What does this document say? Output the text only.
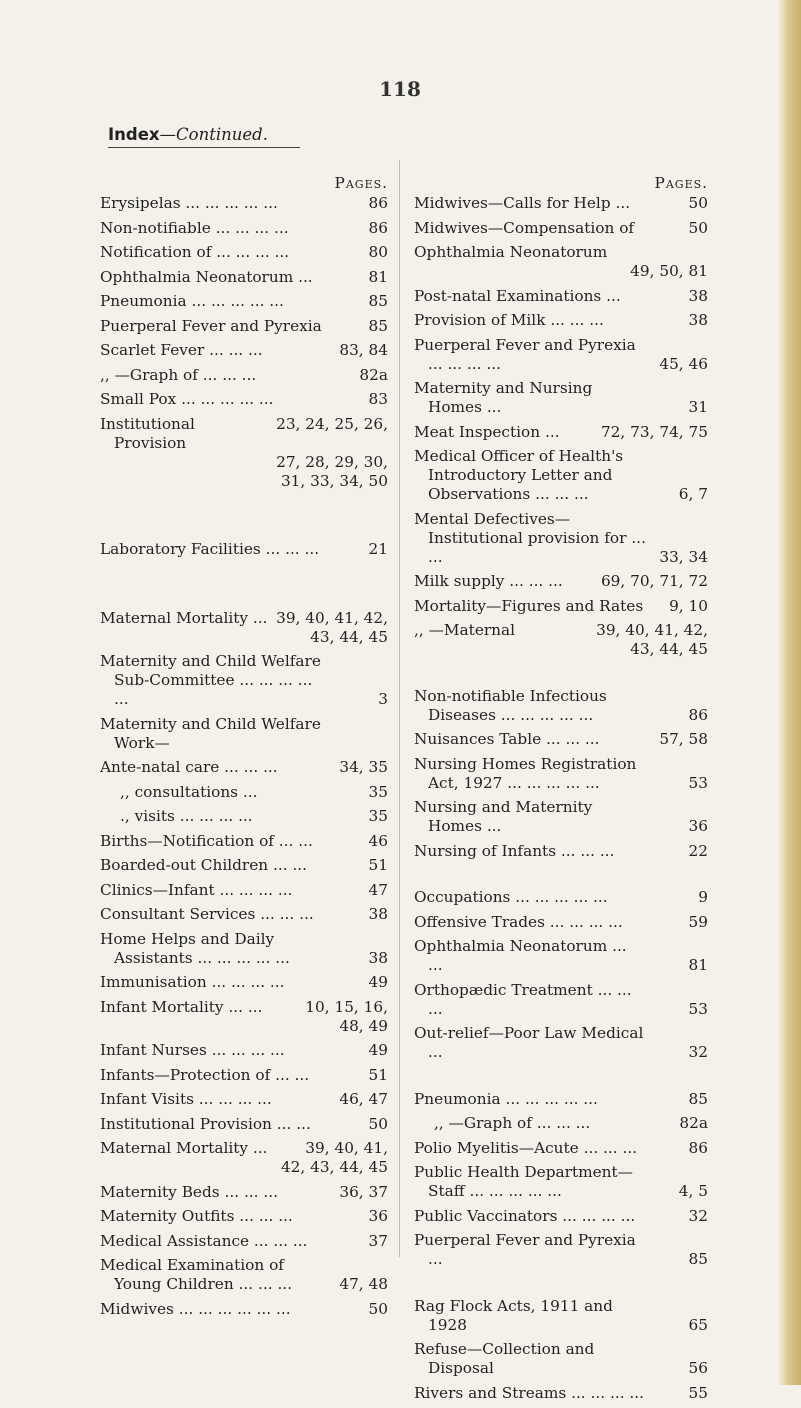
118
Index—Continued.
Pages.
Erysipelas ... ... ... ... ...	86
Non-notifiable ... ... ... ...	86
Notification of ... ... ... ...	80
Ophthalmia Neonatorum ...	81
Pneumonia ... ... ... ... ...	85
Puerperal Fever and Pyrexia	85
Scarlet Fever ... ... ...	83, 84
,, —Graph of ... ... ...	82a
Small Pox ... ... ... ... ...	83
Institutional Provision
23, 24, 25, 26,
27, 28, 29, 30,
31, 33, 34, 50
Laboratory Facilities ... ... ...	21
Maternal Mortality ... 39, 40, 41, 42,
43, 44, 45
Maternity and Child Welfare Sub-Committee ... ... ... ... ...	3
Maternity and Child Welfare Work—
Ante-natal care ... ... ...	34, 35
,, consultations ...	35
., visits ... ... ... ...	35
Births—Notification of ... ...	46
Boarded-out Children ... ...	51
Clinics—Infant ... ... ... ...	47
Consultant Services ... ... ...	38
Home Helps and Daily Assistants ... ... ... ... ...	38
Immunisation ... ... ... ...	49
Infant Mortality ... ...	10, 15, 16,
48, 49
Infant Nurses ... ... ... ...	49
Infants—Protection of ... ...	51
Infant Visits ... ... ... ...	46, 47
Institutional Provision ... ...	50
Maternal Mortality ...	39, 40, 41,
42, 43, 44, 45
Maternity Beds ... ... ...	36, 37
Maternity Outfits ... ... ...	36
Medical Assistance ... ... ...	37
Medical Examination of Young Children ... ... ...	47, 48
Midwives ... ... ... ... ... ...	50
Pages.
Midwives—Calls for Help ...	50
Midwives—Compensation of	50
Ophthalmia Neonatorum
49, 50, 81
Post-natal Examinations ...	38
Provision of Milk ... ... ...	38
Puerperal Fever and Pyrexia ... ... ... ...	45, 46
Maternity and Nursing Homes ...	31
Meat Inspection ...	72, 73, 74, 75
Medical Officer of Health's Introductory Letter and Observations ... ... ...	6, 7
Mental Defectives—Institutional provision for ... ...	33, 34
Milk supply ... ... ...	69, 70, 71, 72
Mortality—Figures and Rates	9, 10
,, —Maternal	39, 40, 41, 42,
43, 44, 45
Non-notifiable Infectious Diseases ... ... ... ... ...	86
Nuisances Table ... ... ...	57, 58
Nursing Homes Registration Act, 1927 ... ... ... ... ...	53
Nursing and Maternity Homes ...	36
Nursing of Infants ... ... ...	22
Occupations ... ... ... ... ...	9
Offensive Trades ... ... ... ...	59
Ophthalmia Neonatorum ... ...	81
Orthopædic Treatment ... ... ...	53
Out-relief—Poor Law Medical ...	32
Pneumonia ... ... ... ... ...	85
,, —Graph of ... ... ...	82a
Polio Myelitis—Acute ... ... ...	86
Public Health Department—Staff ... ... ... ... ...	4, 5
Public Vaccinators ... ... ... ...	32
Puerperal Fever and Pyrexia ...	85
Rag Flock Acts, 1911 and 1928	65
Refuse—Collection and Disposal	56
Rivers and Streams ... ... ... ...	55
